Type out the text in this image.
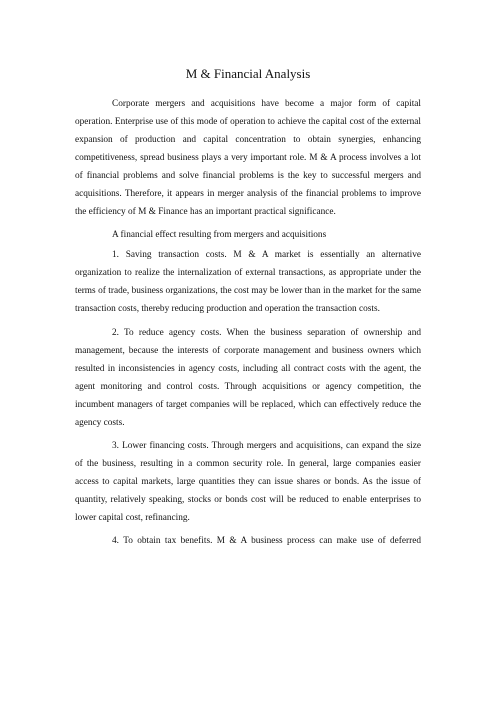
M & Financial Analysis

Corporate mergers and acquisitions have become a major form of capital operation. Enterprise use of this mode of operation to achieve the capital cost of the external expansion of production and capital concentration to obtain synergies, enhancing competitiveness, spread business plays a very important role. M & A process involves a lot of financial problems and solve financial problems is the key to successful mergers and acquisitions. Therefore, it appears in merger analysis of the financial problems to improve the efficiency of M & Finance has an important practical significance.

A financial effect resulting from mergers and acquisitions

1. Saving transaction costs. M & A market is essentially an alternative organization to realize the internalization of external transactions, as appropriate under the terms of trade, business organizations, the cost may be lower than in the market for the same transaction costs, thereby reducing production and operation the transaction costs.

2. To reduce agency costs. When the business separation of ownership and management, because the interests of corporate management and business owners which resulted in inconsistencies in agency costs, including all contract costs with the agent, the agent monitoring and control costs. Through acquisitions or agency competition, the incumbent managers of target companies will be replaced, which can effectively reduce the agency costs.

3. Lower financing costs. Through mergers and acquisitions, can expand the size of the business, resulting in a common security role. In general, large companies easier access to capital markets, large quantities they can issue shares or bonds. As the issue of quantity, relatively speaking, stocks or bonds cost will be reduced to enable enterprises to lower capital cost, refinancing.

4. To obtain tax benefits. M & A business process can make use of deferred
